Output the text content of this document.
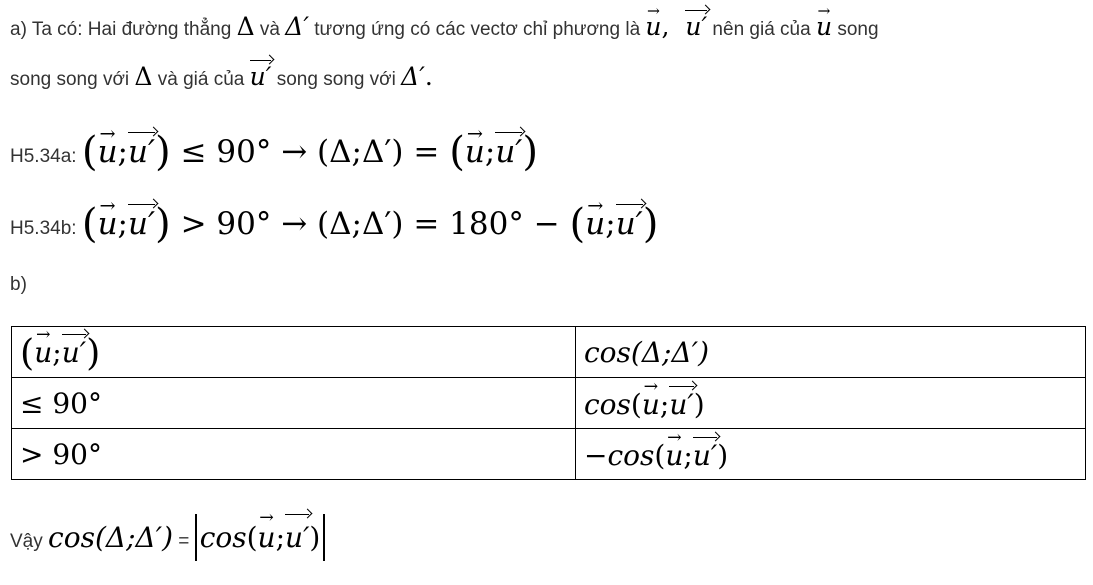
a) Ta có: Hai đường thẳng Δ và Δ′ tương ứng có các vectơ chỉ phương là → u,  u′ nên giá của → u song
song song với Δ và giá của u′ song song với Δ′.
H5.34a: (→ u;u′) ≤ 90° → (Δ;Δ′) = (→ u;u′)
H5.34b: (→ u;u′) > 90° → (Δ;Δ′) = 180° − (→ u;u′)
b)
(→ u;u′)	cos(Δ;Δ′)
≤ 90°	cos(→ u;u′)
> 90°	−cos(→ u;u′)
Vậy cos(Δ;Δ′) = cos(→ u;u′)
